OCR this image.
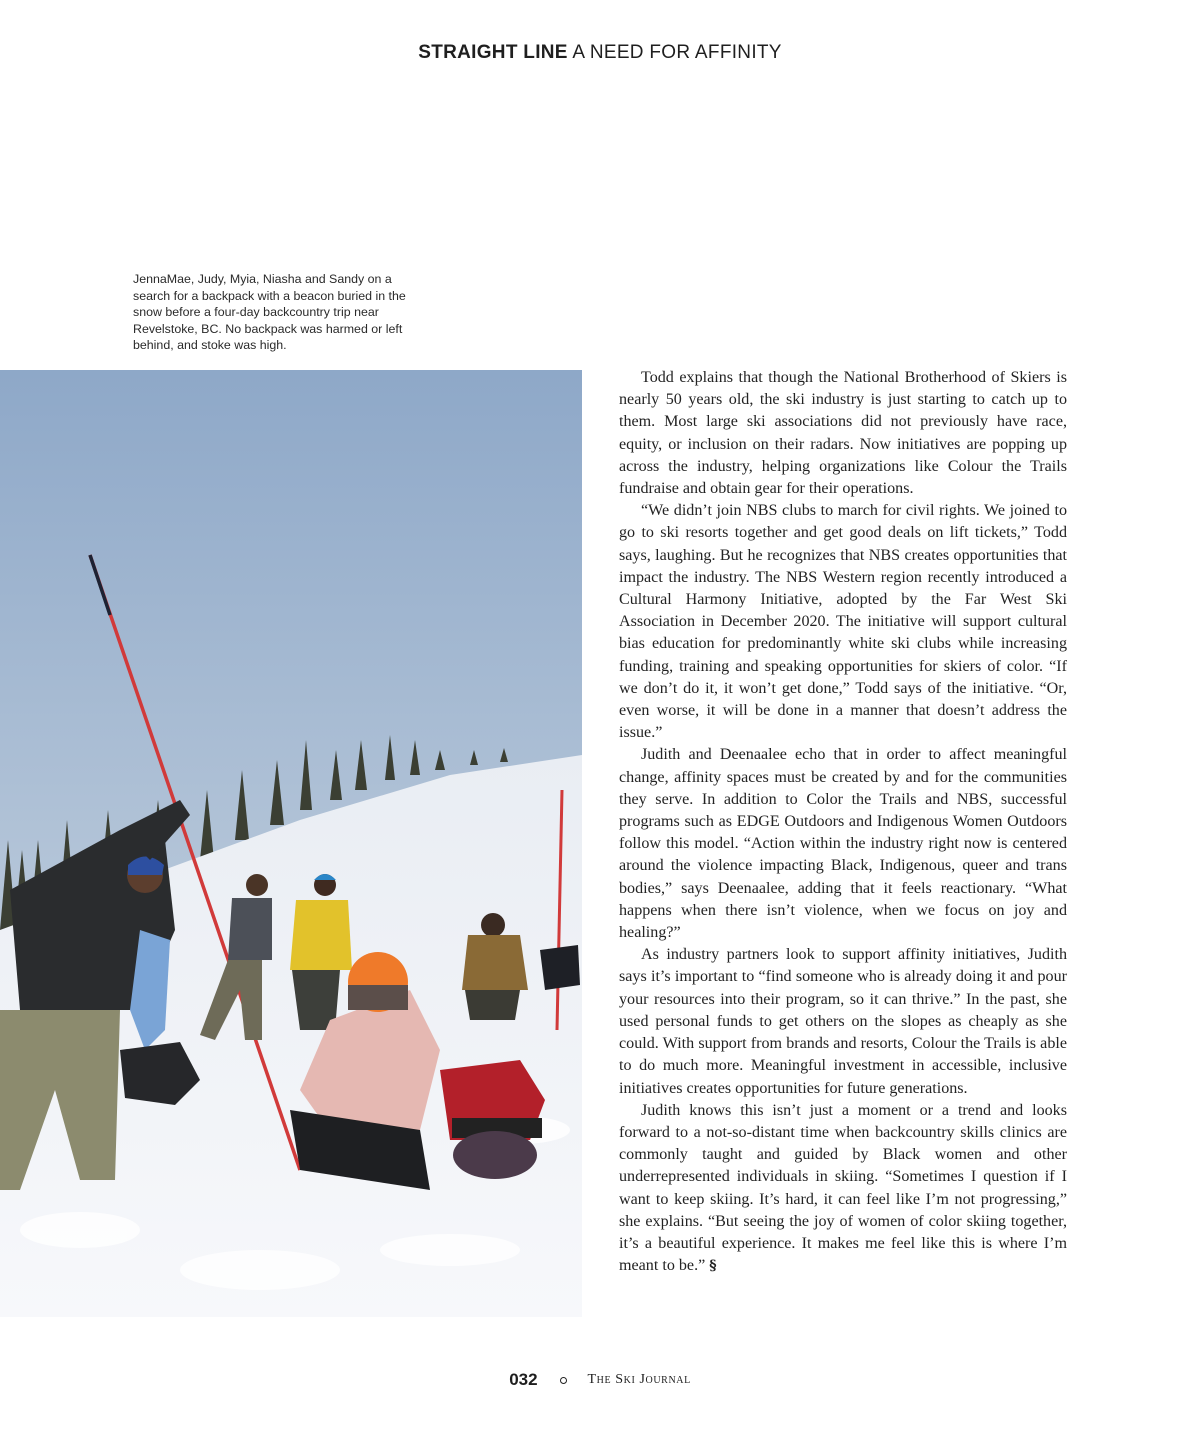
STRAIGHT LINE A NEED FOR AFFINITY
JennaMae, Judy, Myia, Niasha and Sandy on a search for a backpack with a beacon buried in the snow before a four-day backcountry trip near Revelstoke, BC. No backpack was harmed or left behind, and stoke was high.

Todd explains that though the National Brotherhood of Skiers is nearly 50 years old, the ski industry is just starting to catch up to them. Most large ski associations did not previously have race, equity, or inclusion on their radars. Now initiatives are popping up across the industry, helping organizations like Colour the Trails fundraise and obtain gear for their operations.

“We didn’t join NBS clubs to march for civil rights. We joined to go to ski resorts together and get good deals on lift tickets,” Todd says, laughing. But he recognizes that NBS creates opportunities that impact the industry. The NBS Western region recently introduced a Cultural Harmony Initiative, adopted by the Far West Ski Association in December 2020. The initiative will support cultural bias education for predominantly white ski clubs while increasing funding, training and speaking opportunities for skiers of color. “If we don’t do it, it won’t get done,” Todd says of the initiative. “Or, even worse, it will be done in a manner that doesn’t address the issue.”

Judith and Deenaalee echo that in order to affect meaningful change, affinity spaces must be created by and for the communities they serve. In addition to Color the Trails and NBS, successful programs such as EDGE Outdoors and Indigenous Women Outdoors follow this model. “Action within the industry right now is centered around the violence impacting Black, Indigenous, queer and trans bodies,” says Deenaalee, adding that it feels reactionary. “What happens when there isn’t violence, when we focus on joy and healing?”

As industry partners look to support affinity initiatives, Judith says it’s important to “find someone who is already doing it and pour your resources into their program, so it can thrive.” In the past, she used personal funds to get others on the slopes as cheaply as she could. With support from brands and resorts, Colour the Trails is able to do much more. Meaningful investment in accessible, inclusive initiatives creates opportunities for future generations.

Judith knows this isn’t just a moment or a trend and looks forward to a not-so-distant time when backcountry skills clinics are commonly taught and guided by Black women and other underrepresented individuals in skiing. “Sometimes I question if I want to keep skiing. It’s hard, it can feel like I’m not progressing,” she explains. “But seeing the joy of women of color skiing together, it’s a beautiful experience. It makes me feel like this is where I’m meant to be.” §

032	The Ski Journal
